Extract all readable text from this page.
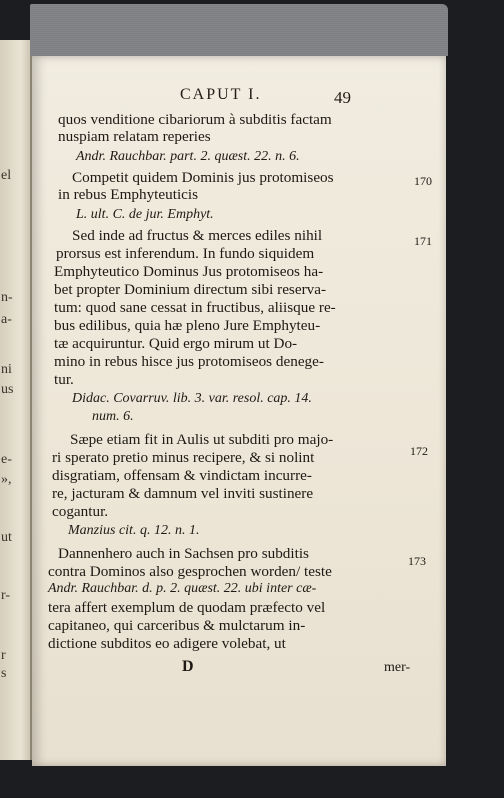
el
n-
a-
ni
us
e-
»,
ut
r-
r
s
CAPUT I.	49
quos venditione cibariorum à subditis factam
nuspiam relatam reperies
Andr. Rauchbar. part. 2. quæst. 22. n. 6.
Competit quidem Dominis jus protomiseos	170
in rebus Emphyteuticis
L. ult. C. de jur. Emphyt.
Sed inde ad fructus & merces ediles nihil	171
prorsus est inferendum. In fundo siquidem
Emphyteutico Dominus Jus protomiseos ha-
bet propter Dominium directum sibi reserva-
tum: quod sane cessat in fructibus, aliisque re-
bus edilibus, quia hæ pleno Jure Emphyteu-
tæ acquiruntur. Quid ergo mirum ut Do-
mino in rebus hisce jus protomiseos denege-
tur.
Didac. Covarruv. lib. 3. var. resol. cap. 14.
num. 6.
Sæpe etiam fit in Aulis ut subditi pro majo-
172
ri sperato pretio minus recipere, & si nolint
disgratiam, offensam & vindictam incurre-
re, jacturam & damnum vel inviti sustinere
cogantur.
Manzius cit. q. 12. n. 1.
Dannenhero auch in Sachsen pro subditis	173
contra Dominos also gesprochen worden/ teste
Andr. Rauchbar. d. p. 2. quæst. 22. ubi inter cæ-
tera affert exemplum de quodam præfecto vel
capitaneo, qui carceribus & mulctarum in-
dictione subditos eo adigere volebat, ut
D	mer-
